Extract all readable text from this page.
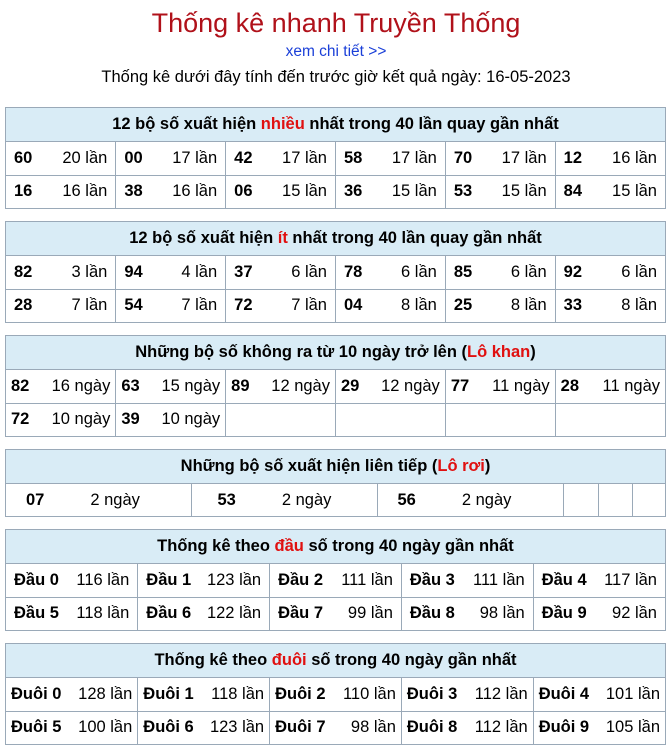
Thống kê nhanh Truyền Thống
xem chi tiết >>
Thống kê dưới đây tính đến trước giờ kết quả ngày: 16-05-2023
12 bộ số xuất hiện nhiều nhất trong 40 lần quay gần nhất
60 20 lần	00 17 lần	42 17 lần	58 17 lần	70 17 lần	12 16 lần

16 16 lần	38 16 lần	06 15 lần	36 15 lần	53 15 lần	84 15 lần
12 bộ số xuất hiện ít nhất trong 40 lần quay gần nhất
82 3 lần	94 4 lần	37 6 lần	78 6 lần	85 6 lần	92 6 lần

28 7 lần	54 7 lần	72 7 lần	04 8 lần	25 8 lần	33 8 lần
Những bộ số không ra từ 10 ngày trở lên (Lô khan)
82 16 ngày	63 15 ngày	89 12 ngày	29 12 ngày	77 11 ngày	28 11 ngày

72 10 ngày	39 10 ngày				

Những bộ số xuất hiện liên tiếp (Lô rơi)
07	2 ngày	53	2 ngày	56	2 ngày			
Thống kê theo đầu số trong 40 ngày gần nhất
Đầu 0 116 lần	Đầu 1 123 lần	Đầu 2 111 lần	Đầu 3 111 lần	Đầu 4 117 lần

Đầu 5 118 lần	Đầu 6 122 lần	Đầu 7 99 lần	Đầu 8 98 lần	Đầu 9 92 lần
Thống kê theo đuôi số trong 40 ngày gần nhất
Đuôi 0 128 lần	Đuôi 1 118 lần	Đuôi 2 110 lần	Đuôi 3 112 lần	Đuôi 4 101 lần

Đuôi 5 100 lần	Đuôi 6 123 lần	Đuôi 7 98 lần	Đuôi 8 112 lần	Đuôi 9 105 lần
